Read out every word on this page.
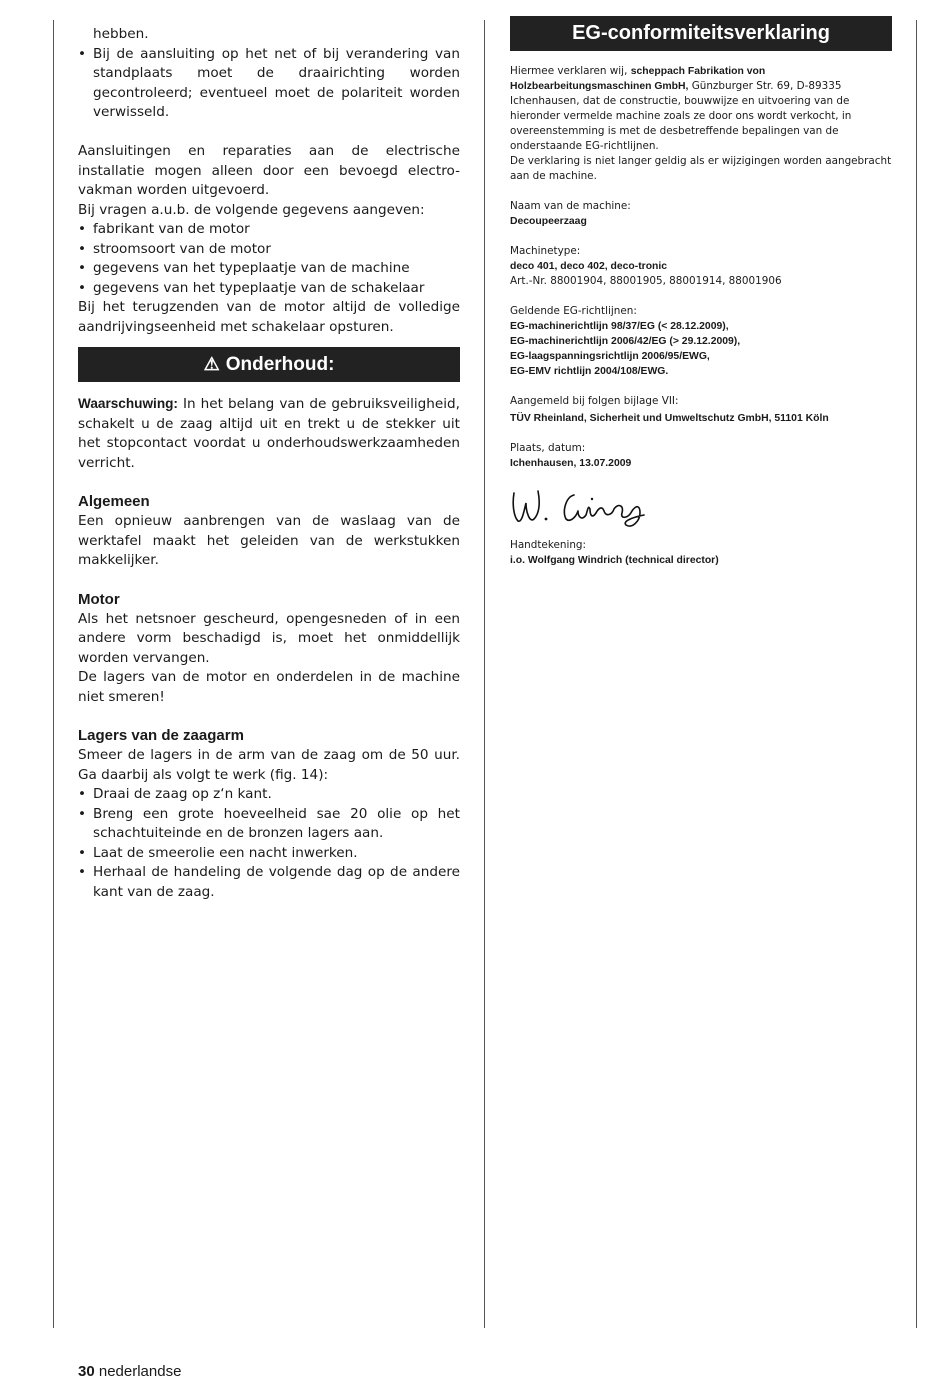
hebben.

• Bij de aansluiting op het net of bij verandering van standplaats moet de draairichting worden gecontroleerd; eventueel moet de polariteit worden verwisseld.

Aansluitingen en reparaties aan de electrische installatie mogen alleen door een bevoegd electro-vakman worden uitgevoerd.

Bij vragen a.u.b. de volgende gegevens aangeven:

• fabrikant van de motor

• stroomsoort van de motor

• gegevens van het typeplaatje van de machine

• gegevens van het typeplaatje van de schakelaar

Bij het terugzenden van de motor altijd de volledige aandrijvingseenheid met schakelaar opsturen.

⚠ Onderhoud:

Waarschuwing: In het belang van de gebruiksveiligheid, schakelt u de zaag altijd uit en trekt u de stekker uit het stopcontact voordat u onderhoudswerkzaamheden verricht.

Algemeen

Een opnieuw aanbrengen van de waslaag van de werktafel maakt het geleiden van de werkstukken makkelijker.

Motor

Als het netsnoer gescheurd, opengesneden of in een andere vorm beschadigd is, moet het onmiddellijk worden vervangen.

De lagers van de motor en onderdelen in de machine niet smeren!

Lagers van de zaagarm

Smeer de lagers in de arm van de zaag om de 50 uur. Ga daarbij als volgt te werk (fig. 14):

• Draai de zaag op z‘n kant.

• Breng een grote hoeveelheid sae 20 olie op het schachtuiteinde en de bronzen lagers aan.

• Laat de smeerolie een nacht inwerken.

• Herhaal de handeling de volgende dag op de andere kant van de zaag.

EG-conformiteitsverklaring

Hiermee verklaren wij, scheppach Fabrikation von Holzbearbeitungsmaschinen GmbH, Günzburger Str. 69, D-89335 Ichenhausen, dat de constructie, bouwwijze en uitvoering van de hieronder vermelde machine zoals ze door ons wordt verkocht, in overeenstemming is met de desbetreffende bepalingen van de onderstaande EG-richtlijnen.

De verklaring is niet langer geldig als er wijzigingen worden aangebracht aan de machine.

Naam van de machine:

Decoupeerzaag

Machinetype:

deco 401, deco 402, deco-tronic

Art.-Nr. 88001904, 88001905, 88001914, 88001906

Geldende EG-richtlijnen:

EG-machinerichtlijn 98/37/EG (< 28.12.2009),

EG-machinerichtlijn 2006/42/EG (> 29.12.2009),

EG-laagspanningsrichtlijn 2006/95/EWG,

EG-EMV richtlijn 2004/108/EWG.

Aangemeld bij folgen bijlage VII:

TÜV Rheinland, Sicherheit und Umweltschutz GmbH, 51101 Köln

Plaats, datum:

Ichenhausen, 13.07.2009

Handtekening:

i.o. Wolfgang Windrich (technical director)

30 nederlandse
